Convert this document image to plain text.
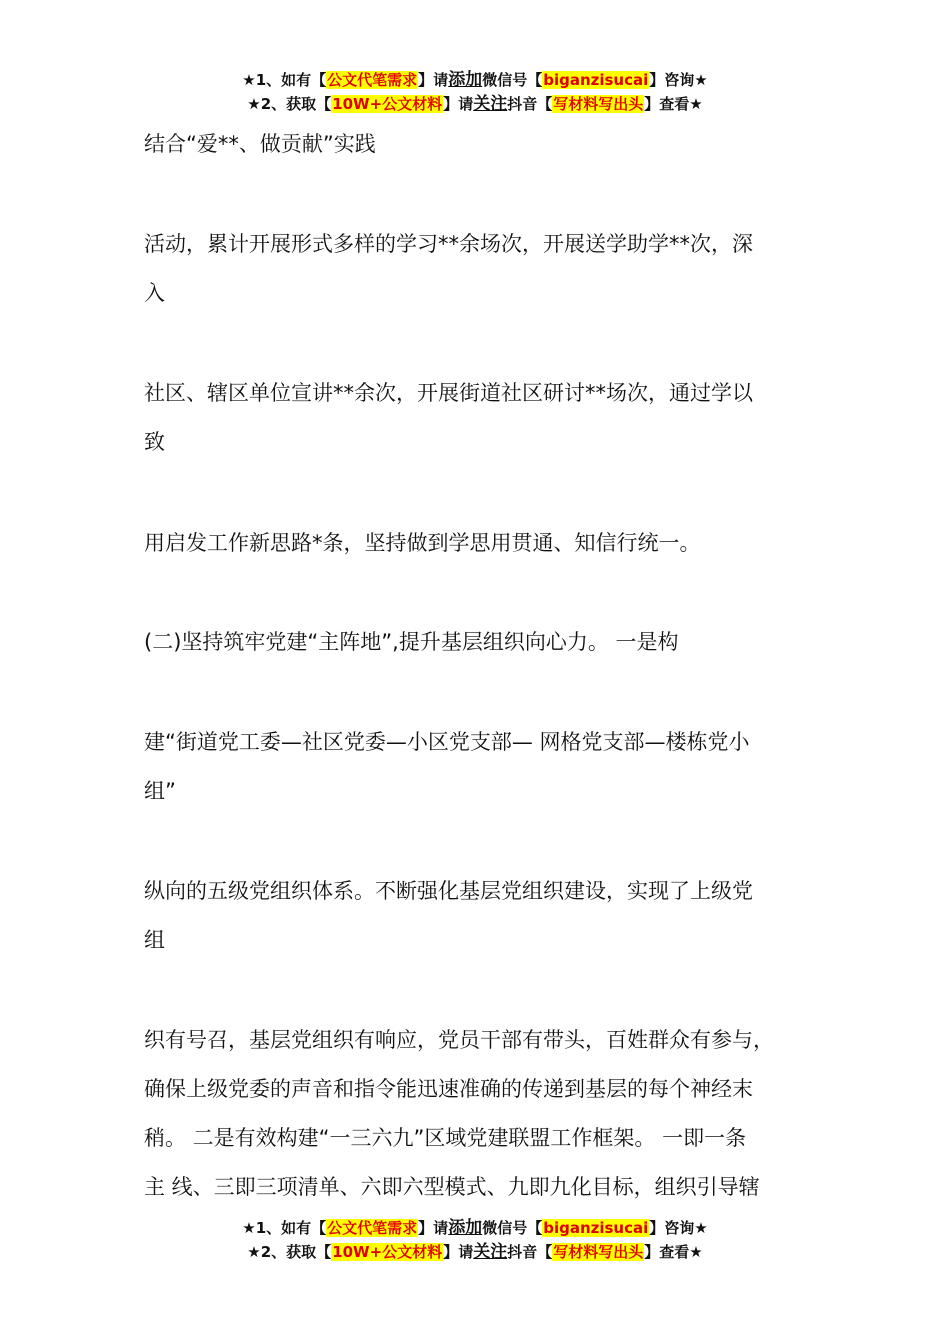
★1、如有【公文代笔需求】请添加微信号【biganzisucai】咨询★
★2、获取【10W+公文材料】请关注抖音【写材料写出头】查看★
结合“爱**、做贡献”实践
活动，累计开展形式多样的学习**余场次，开展送学助学**次，深
入
社区、辖区单位宣讲**余次，开展街道社区研讨**场次，通过学以
致
用启发工作新思路*条，坚持做到学思用贯通、知信行统一。
(二)坚持筑牢党建“主阵地”,提升基层组织向心力。 一是构
建“街道党工委—社区党委—小区党支部— 网格党支部—楼栋党小
组”
纵向的五级党组织体系。不断强化基层党组织建设，实现了上级党
组
织有号召，基层党组织有响应，党员干部有带头，百姓群众有参与，
确保上级党委的声音和指令能迅速准确的传递到基层的每个神经末
稍。 二是有效构建“一三六九”区域党建联盟工作框架。 一即一条
主 线、三即三项清单、六即六型模式、九即九化目标，组织引导辖
★1、如有【公文代笔需求】请添加微信号【biganzisucai】咨询★
★2、获取【10W+公文材料】请关注抖音【写材料写出头】查看★
